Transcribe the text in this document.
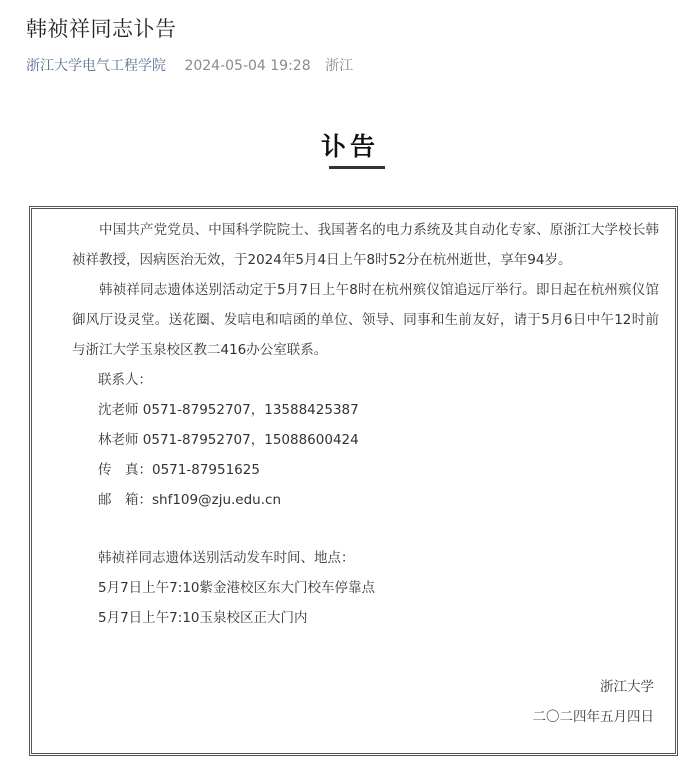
韩祯祥同志讣告
浙江大学电气工程学院 2024-05-04 19:28 浙江
讣告

中国共产党党员、中国科学院院士、我国著名的电力系统及其自动化专家、原浙江大学校长韩祯祥教授，因病医治无效，于2024年5月4日上午8时52分在杭州逝世，享年94岁。

韩祯祥同志遗体送别活动定于5月7日上午8时在杭州殡仪馆追远厅举行。即日起在杭州殡仪馆御风厅设灵堂。送花圈、发唁电和唁函的单位、领导、同事和生前友好，请于5月6日中午12时前与浙江大学玉泉校区教二416办公室联系。

联系人：

沈老师 0571-87952707，13588425387

林老师 0571-87952707，15088600424

传　真：0571-87951625

邮　箱：shf109@zju.edu.cn

韩祯祥同志遗体送别活动发车时间、地点：

5月7日上午7:10紫金港校区东大门校车停靠点

5月7日上午7:10玉泉校区正大门内

浙江大学
二〇二四年五月四日
